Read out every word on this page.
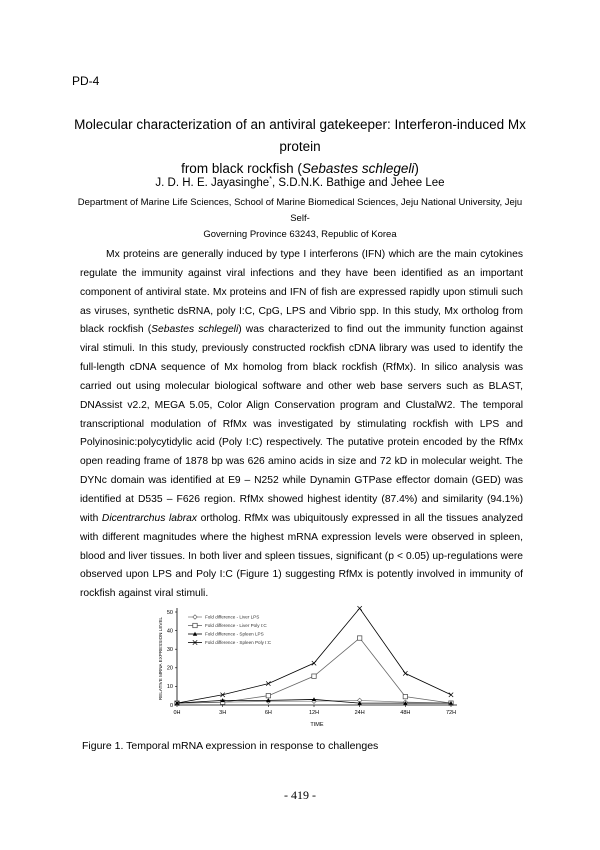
PD-4
Molecular characterization of an antiviral gatekeeper: Interferon-induced Mx protein
from black rockfish (Sebastes schlegeli)
J. D. H. E. Jayasinghe*, S.D.N.K. Bathige and Jehee Lee
Department of Marine Life Sciences, School of Marine Biomedical Sciences, Jeju National University, Jeju Self-
Governing Province 63243, Republic of Korea

Mx proteins are generally induced by type I interferons (IFN) which are the main cytokines regulate the immunity against viral infections and they have been identified as an important component of antiviral state. Mx proteins and IFN of fish are expressed rapidly upon stimuli such as viruses, synthetic dsRNA, poly I:C, CpG, LPS and Vibrio spp. In this study, Mx ortholog from black rockfish (Sebastes schlegeli) was characterized to find out the immunity function against viral stimuli. In this study, previously constructed rockfish cDNA library was used to identify the full-length cDNA sequence of Mx homolog from black rockfish (RfMx). In silico analysis was carried out using molecular biological software and other web base servers such as BLAST, DNAssist v2.2, MEGA 5.05, Color Align Conservation program and ClustalW2. The temporal transcriptional modulation of RfMx was investigated by stimulating rockfish with LPS and Polyinosinic:polycytidylic acid (Poly I:C) respectively. The putative protein encoded by the RfMx open reading frame of 1878 bp was 626 amino acids in size and 72 kD in molecular weight. The DYNc domain was identified at E9 – N252 while Dynamin GTPase effector domain (GED) was identified at D535 – F626 region. RfMx showed highest identity (87.4%) and similarity (94.1%) with Dicentrarchus labrax ortholog. RfMx was ubiquitously expressed in all the tissues analyzed with different magnitudes where the highest mRNA expression levels were observed in spleen, blood and liver tissues. In both liver and spleen tissues, significant (p < 0.05) up-regulations were observed upon LPS and Poly I:C (Figure 1) suggesting RfMx is potently involved in immunity of rockfish against viral stimuli.

RELATIVE MRNA EXPRESSION LEVEL
TIME
0
10
20
30
40
50
0H	3H	6H	12H	24H	48H	72H
Fold difference - Liver LPS
Fold difference - Liver Poly I:C
Fold difference - Spleen LPS
Fold difference - Spleen Poly I:C
Figure 1. Temporal mRNA expression in response to challenges
- 419 -
